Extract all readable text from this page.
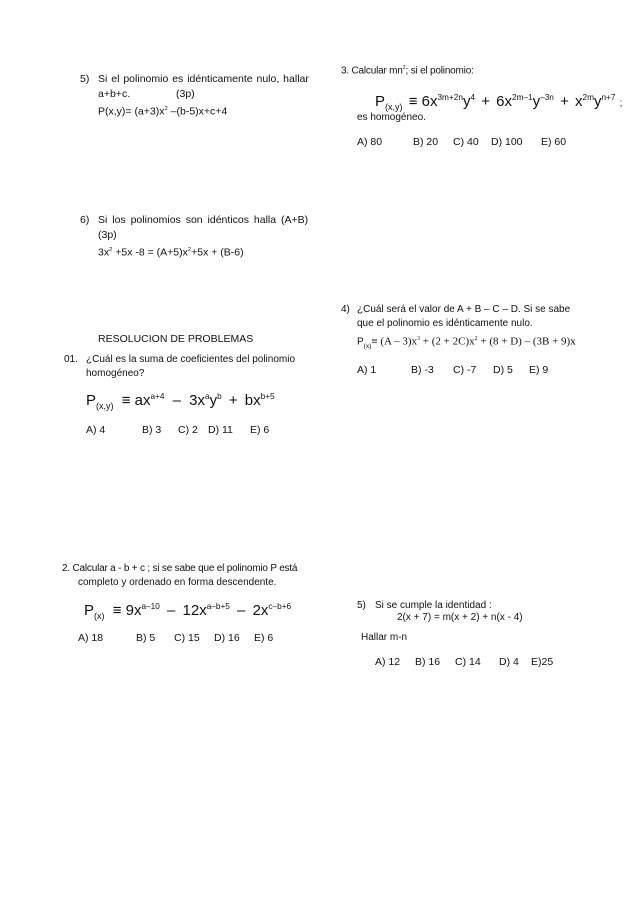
5) Si el polinomio es idénticamente nulo, hallar
a+b+c.	(3p)
$P(x,y)= (a+3)x^2$ –(b-5)x+c+4
6) Si los polinomios son idénticos halla (A+B)
(3p)
$3x^2 +5x$ $-8 = (A+5)x^2+5x + (B-6)$
RESOLUCION DE PROBLEMAS
01. ¿Cuál es la suma de coeficientes del polinomio
homogéneo?
$P_{(x,y)} \equiv ax^{a+4} - 3x^ay^b + bx^{b+5}$
A) 4	B) 3 C) 2 D) 11 E) 6
2. Calcular a - b + c ; si se sabe que el polinomio P está
completo y ordenado en forma descendente.
$P_{(x)} \equiv 9x^{a-10} - 12x^{a-b+5} - 2x^{c-b+6}$
A) 18	B) 5 C) 15 D) 16 E) 6
3. Calcular $mn^2$; si el polinomio:
$P_{(x,y)} \equiv 6x^{3m+2n}y^4 + 6x^{2m-1}y^{-3n} + x^{2m}y^{n+7}$ ;
es homogéneo.
A) 80	B) 20 C) 40 D) 100 E) 60
4) ¿Cuál será el valor de A + B – C – D. Si se sabe
que el polinomio es idénticamente nulo.
$P_{(x)}\equiv (A - 3)x^3 + (2 + 2C)x^2 + (8 + D) - (3B + 9)x$
A) 1	B) -3 C) -7 D) 5 E) 9
5) Si se cumple la identidad :
2(x + 7) = m(x + 2) + n(x - 4)
Hallar m-n
A) 12 B) 16 C) 14 D) 4 E)25
